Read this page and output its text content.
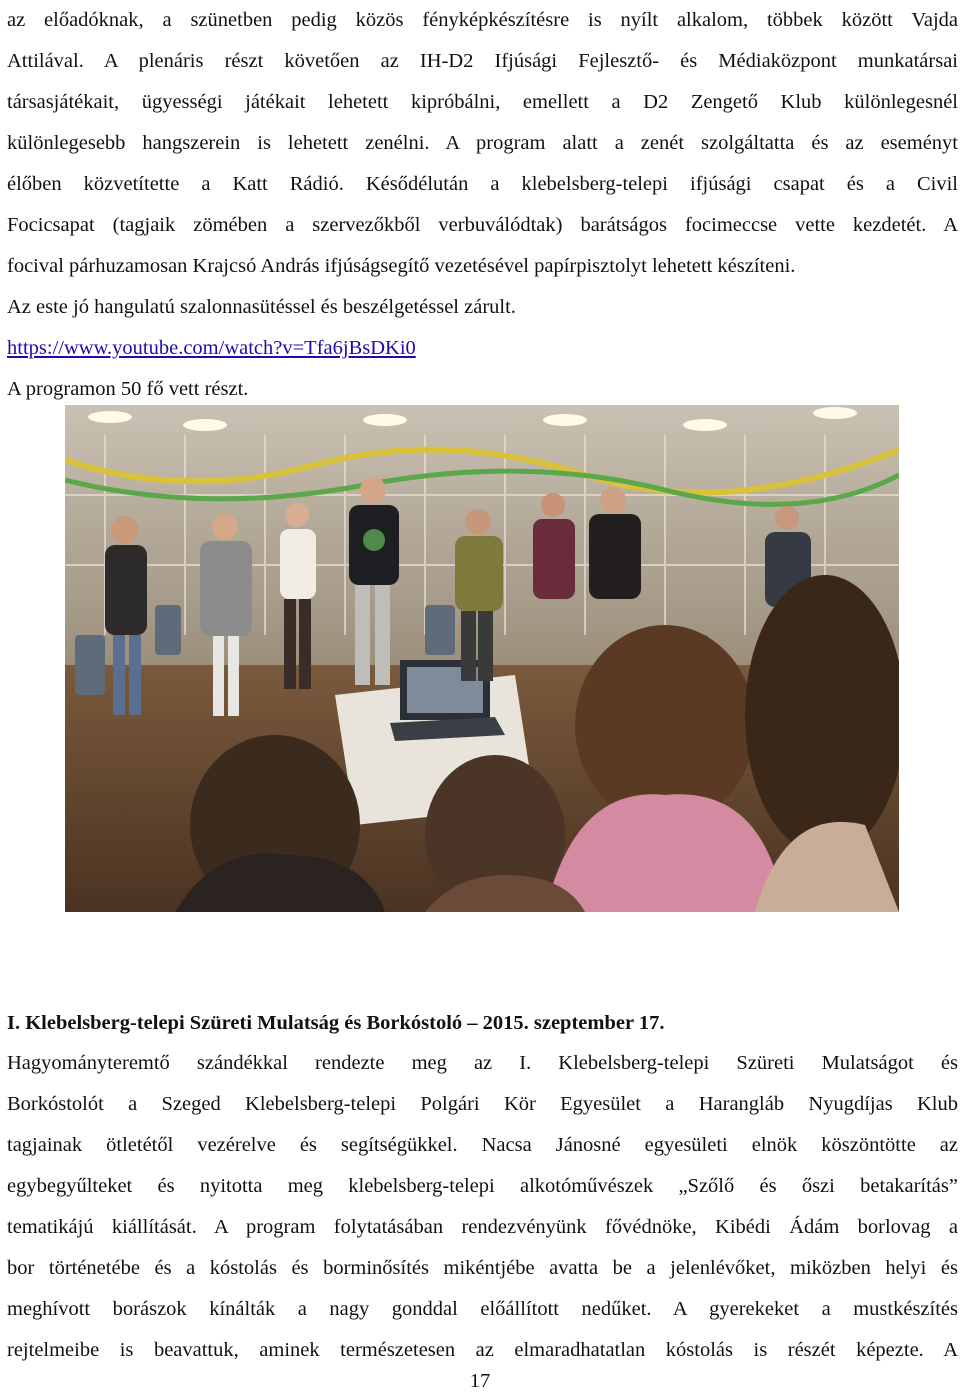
az előadóknak, a szünetben pedig közös fényképkészítésre is nyílt alkalom, többek között Vajda
Attilával. A plenáris részt követően az IH-D2 Ifjúsági Fejlesztő- és Médiaközpont munkatársai
társasjátékait, ügyességi játékait lehetett kipróbálni, emellett a D2 Zengető Klub különlegesnél
különlegesebb hangszerein is lehetett zenélni. A program alatt a zenét szolgáltatta és az eseményt
élőben közvetítette a Katt Rádió. Késődélután a klebelsberg-telepi ifjúsági csapat és a Civil
Focicsapat (tagjaik zömében a szervezőkből verbuválódtak) barátságos focimeccse vette kezdetét. A
focival párhuzamosan Krajcsó András ifjúságsegítő vezetésével papírpisztolyt lehetett készíteni.
Az este jó hangulatú szalonnasütéssel és beszélgetéssel zárult.
https://www.youtube.com/watch?v=Tfa6jBsDKi0
A programon 50 fő vett részt.
I. Klebelsberg-telepi Szüreti Mulatság és Borkóstoló – 2015. szeptember 17.
Hagyományteremtő szándékkal rendezte meg az I. Klebelsberg-telepi Szüreti Mulatságot és
Borkóstolót a Szeged Klebelsberg-telepi Polgári Kör Egyesület a Harangláb Nyugdíjas Klub
tagjainak ötletétől vezérelve és segítségükkel. Nacsa Jánosné egyesületi elnök köszöntötte az
egybegyűlteket és nyitotta meg klebelsberg-telepi alkotóművészek „Szőlő és őszi betakarítás”
tematikájú kiállítását. A program folytatásában rendezvényünk fővédnöke, Kibédi Ádám borlovag a
bor történetébe és a kóstolás és borminősítés mikéntjébe avatta be a jelenlévőket, miközben helyi és
meghívott borászok kínálták a nagy gonddal előállított nedűket. A gyerekeket a mustkészítés
rejtelmeibe is beavattuk, aminek természetesen az elmaradhatatlan kóstolás is részét képezte. A
17
